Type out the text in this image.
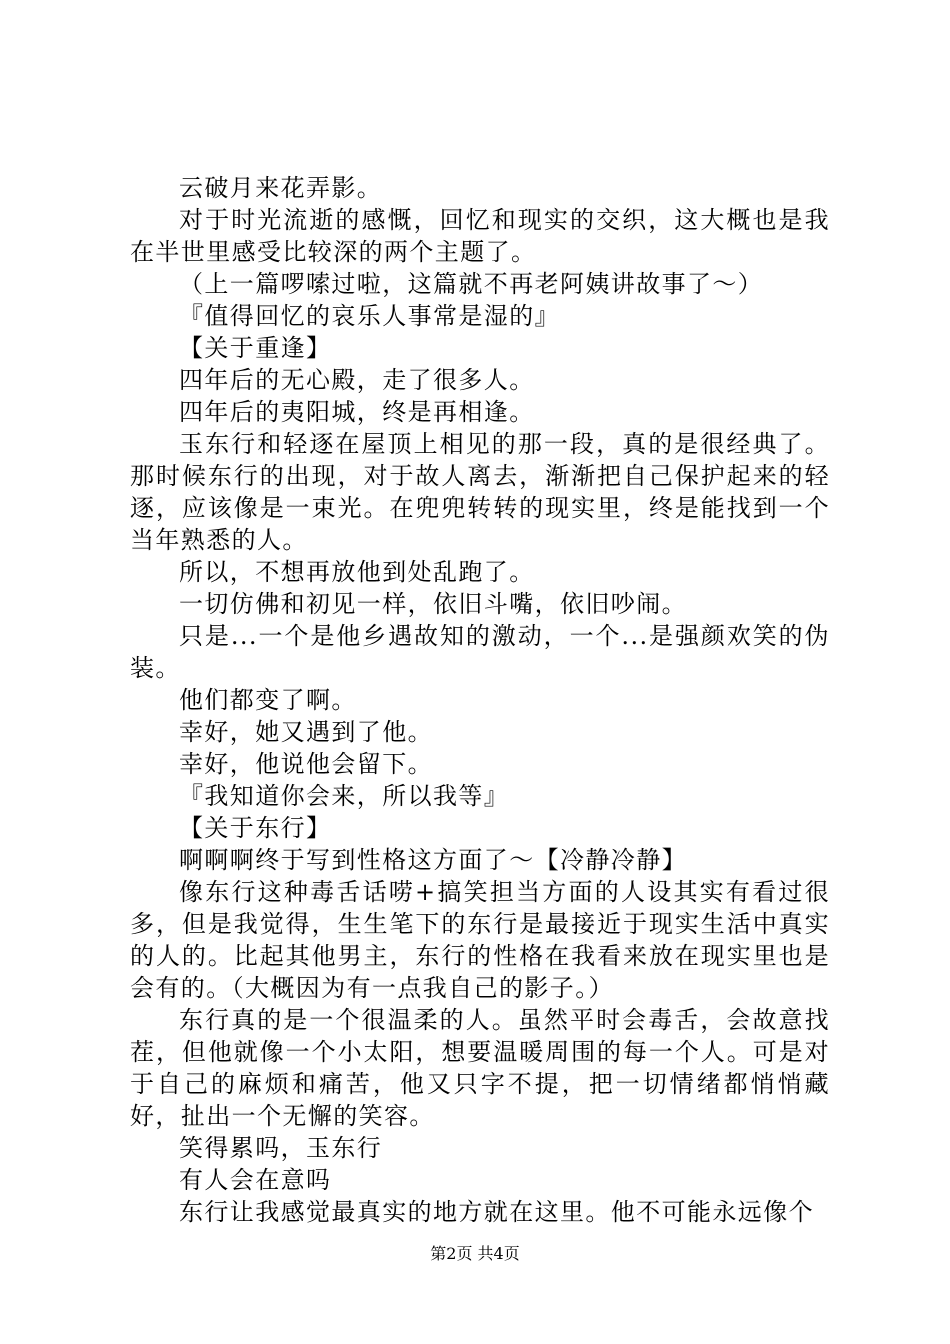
云破月来花弄影。

对于时光流逝的感慨，回忆和现实的交织，这大概也是我在半世里感受比较深的两个主题了。

（上一篇啰嗦过啦，这篇就不再老阿姨讲故事了～）

『值得回忆的哀乐人事常是湿的』

【关于重逢】

四年后的无心殿，走了很多人。

四年后的夷阳城，终是再相逢。

玉东行和轻逐在屋顶上相见的那一段，真的是很经典了。那时候东行的出现，对于故人离去，渐渐把自己保护起来的轻逐，应该像是一束光。在兜兜转转的现实里，终是能找到一个当年熟悉的人。

所以，不想再放他到处乱跑了。

一切仿佛和初见一样，依旧斗嘴，依旧吵闹。

只是...一个是他乡遇故知的激动，一个...是强颜欢笑的伪装。

他们都变了啊。

幸好，她又遇到了他。

幸好，他说他会留下。

『我知道你会来，所以我等』

【关于东行】

啊啊啊终于写到性格这方面了～【冷静冷静】

像东行这种毒舌话唠+搞笑担当方面的人设其实有看过很多，但是我觉得，生生笔下的东行是最接近于现实生活中真实的人的。比起其他男主，东行的性格在我看来放在现实里也是会有的。（大概因为有一点我自己的影子。）

东行真的是一个很温柔的人。虽然平时会毒舌，会故意找茬，但他就像一个小太阳，想要温暖周围的每一个人。可是对于自己的麻烦和痛苦，他又只字不提，把一切情绪都悄悄藏好，扯出一个无懈的笑容。

笑得累吗，玉东行

有人会在意吗

东行让我感觉最真实的地方就在这里。他不可能永远像个

第2页 共4页
